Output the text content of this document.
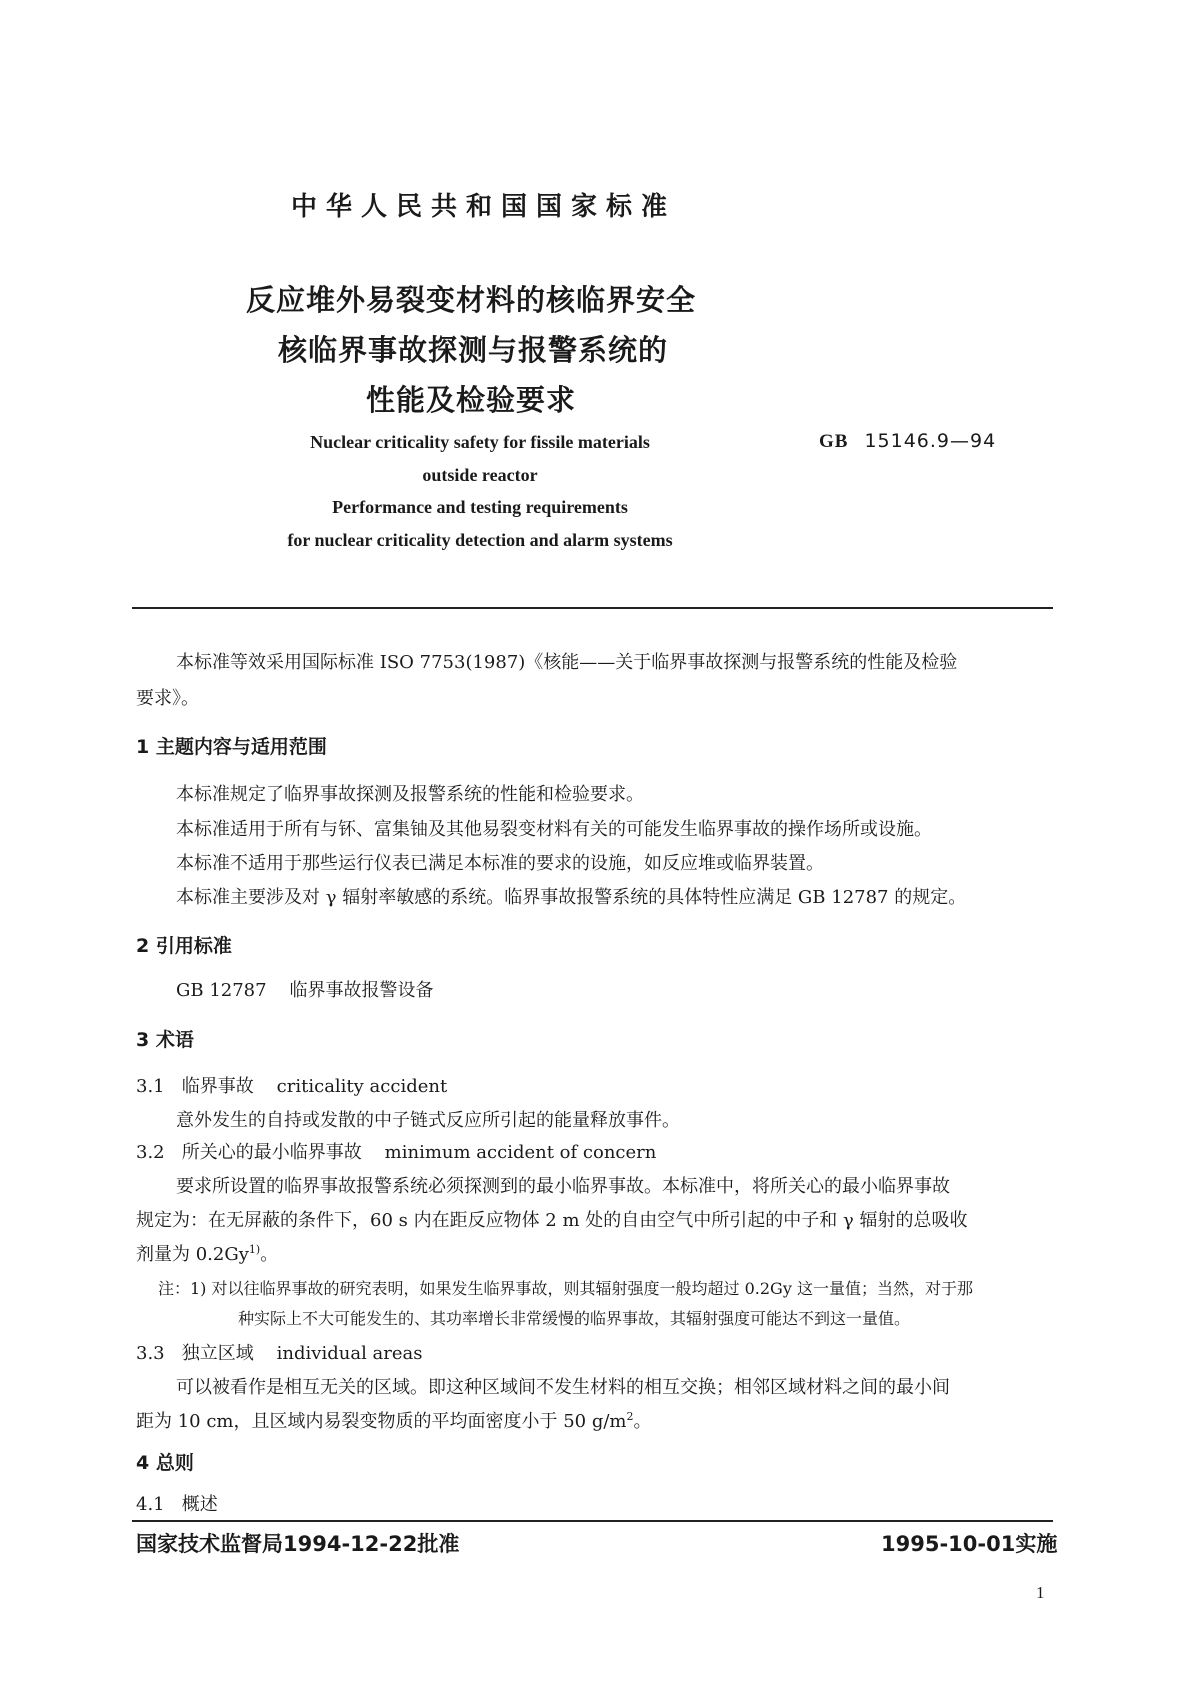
中华人民共和国国家标准
反应堆外易裂变材料的核临界安全
核临界事故探测与报警系统的
性能及检验要求
Nuclear criticality safety for fissile materials
outside reactor
Performance and testing requirements
for nuclear criticality detection and alarm systems
GB 15146.9—94
本标准等效采用国际标准 ISO 7753(1987)《核能——关于临界事故探测与报警系统的性能及检验
要求》。
1 主题内容与适用范围
本标准规定了临界事故探测及报警系统的性能和检验要求。
本标准适用于所有与钚、富集铀及其他易裂变材料有关的可能发生临界事故的操作场所或设施。
本标准不适用于那些运行仪表已满足本标准的要求的设施，如反应堆或临界装置。
本标准主要涉及对 γ 辐射率敏感的系统。临界事故报警系统的具体特性应满足 GB 12787 的规定。
2 引用标准
GB 12787    临界事故报警设备
3 术语
3.1   临界事故    criticality accident
意外发生的自持或发散的中子链式反应所引起的能量释放事件。
3.2   所关心的最小临界事故    minimum accident of concern
要求所设置的临界事故报警系统必须探测到的最小临界事故。本标准中，将所关心的最小临界事故
规定为：在无屏蔽的条件下，60 s 内在距反应物体 2 m 处的自由空气中所引起的中子和 γ 辐射的总吸收
剂量为 0.2Gy$^{1)}$。
注：1) 对以往临界事故的研究表明，如果发生临界事故，则其辐射强度一般均超过 0.2Gy 这一量值；当然，对于那
种实际上不大可能发生的、其功率增长非常缓慢的临界事故，其辐射强度可能达不到这一量值。
3.3   独立区域    individual areas
可以被看作是相互无关的区域。即这种区域间不发生材料的相互交换；相邻区域材料之间的最小间
距为 10 cm，且区域内易裂变物质的平均面密度小于 50 $g/m^2$。
4 总则
4.1   概述
国家技术监督局1994-12-22批准	1995-10-01实施
1
